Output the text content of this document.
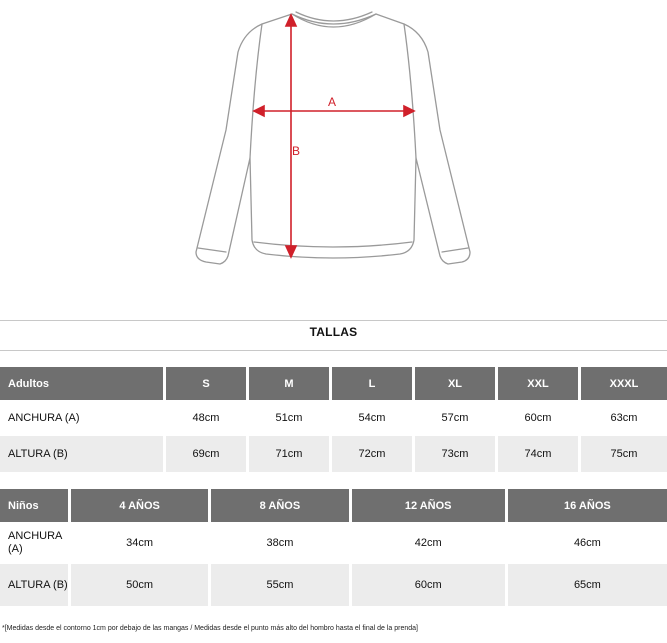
A
B
TALLAS
Adultos	S	M	L	XL	XXL	XXXL
ANCHURA (A)	48cm	51cm	54cm	57cm	60cm	63cm
ALTURA (B)	69cm	71cm	72cm	73cm	74cm	75cm
Niños	4 AÑOS	8 AÑOS	12 AÑOS	16 AÑOS
ANCHURA (A)	34cm	38cm	42cm	46cm
ALTURA (B)	50cm	55cm	60cm	65cm
*[Medidas desde el contorno 1cm por debajo de las mangas / Medidas desde el punto más alto del hombro hasta el final de la prenda]
